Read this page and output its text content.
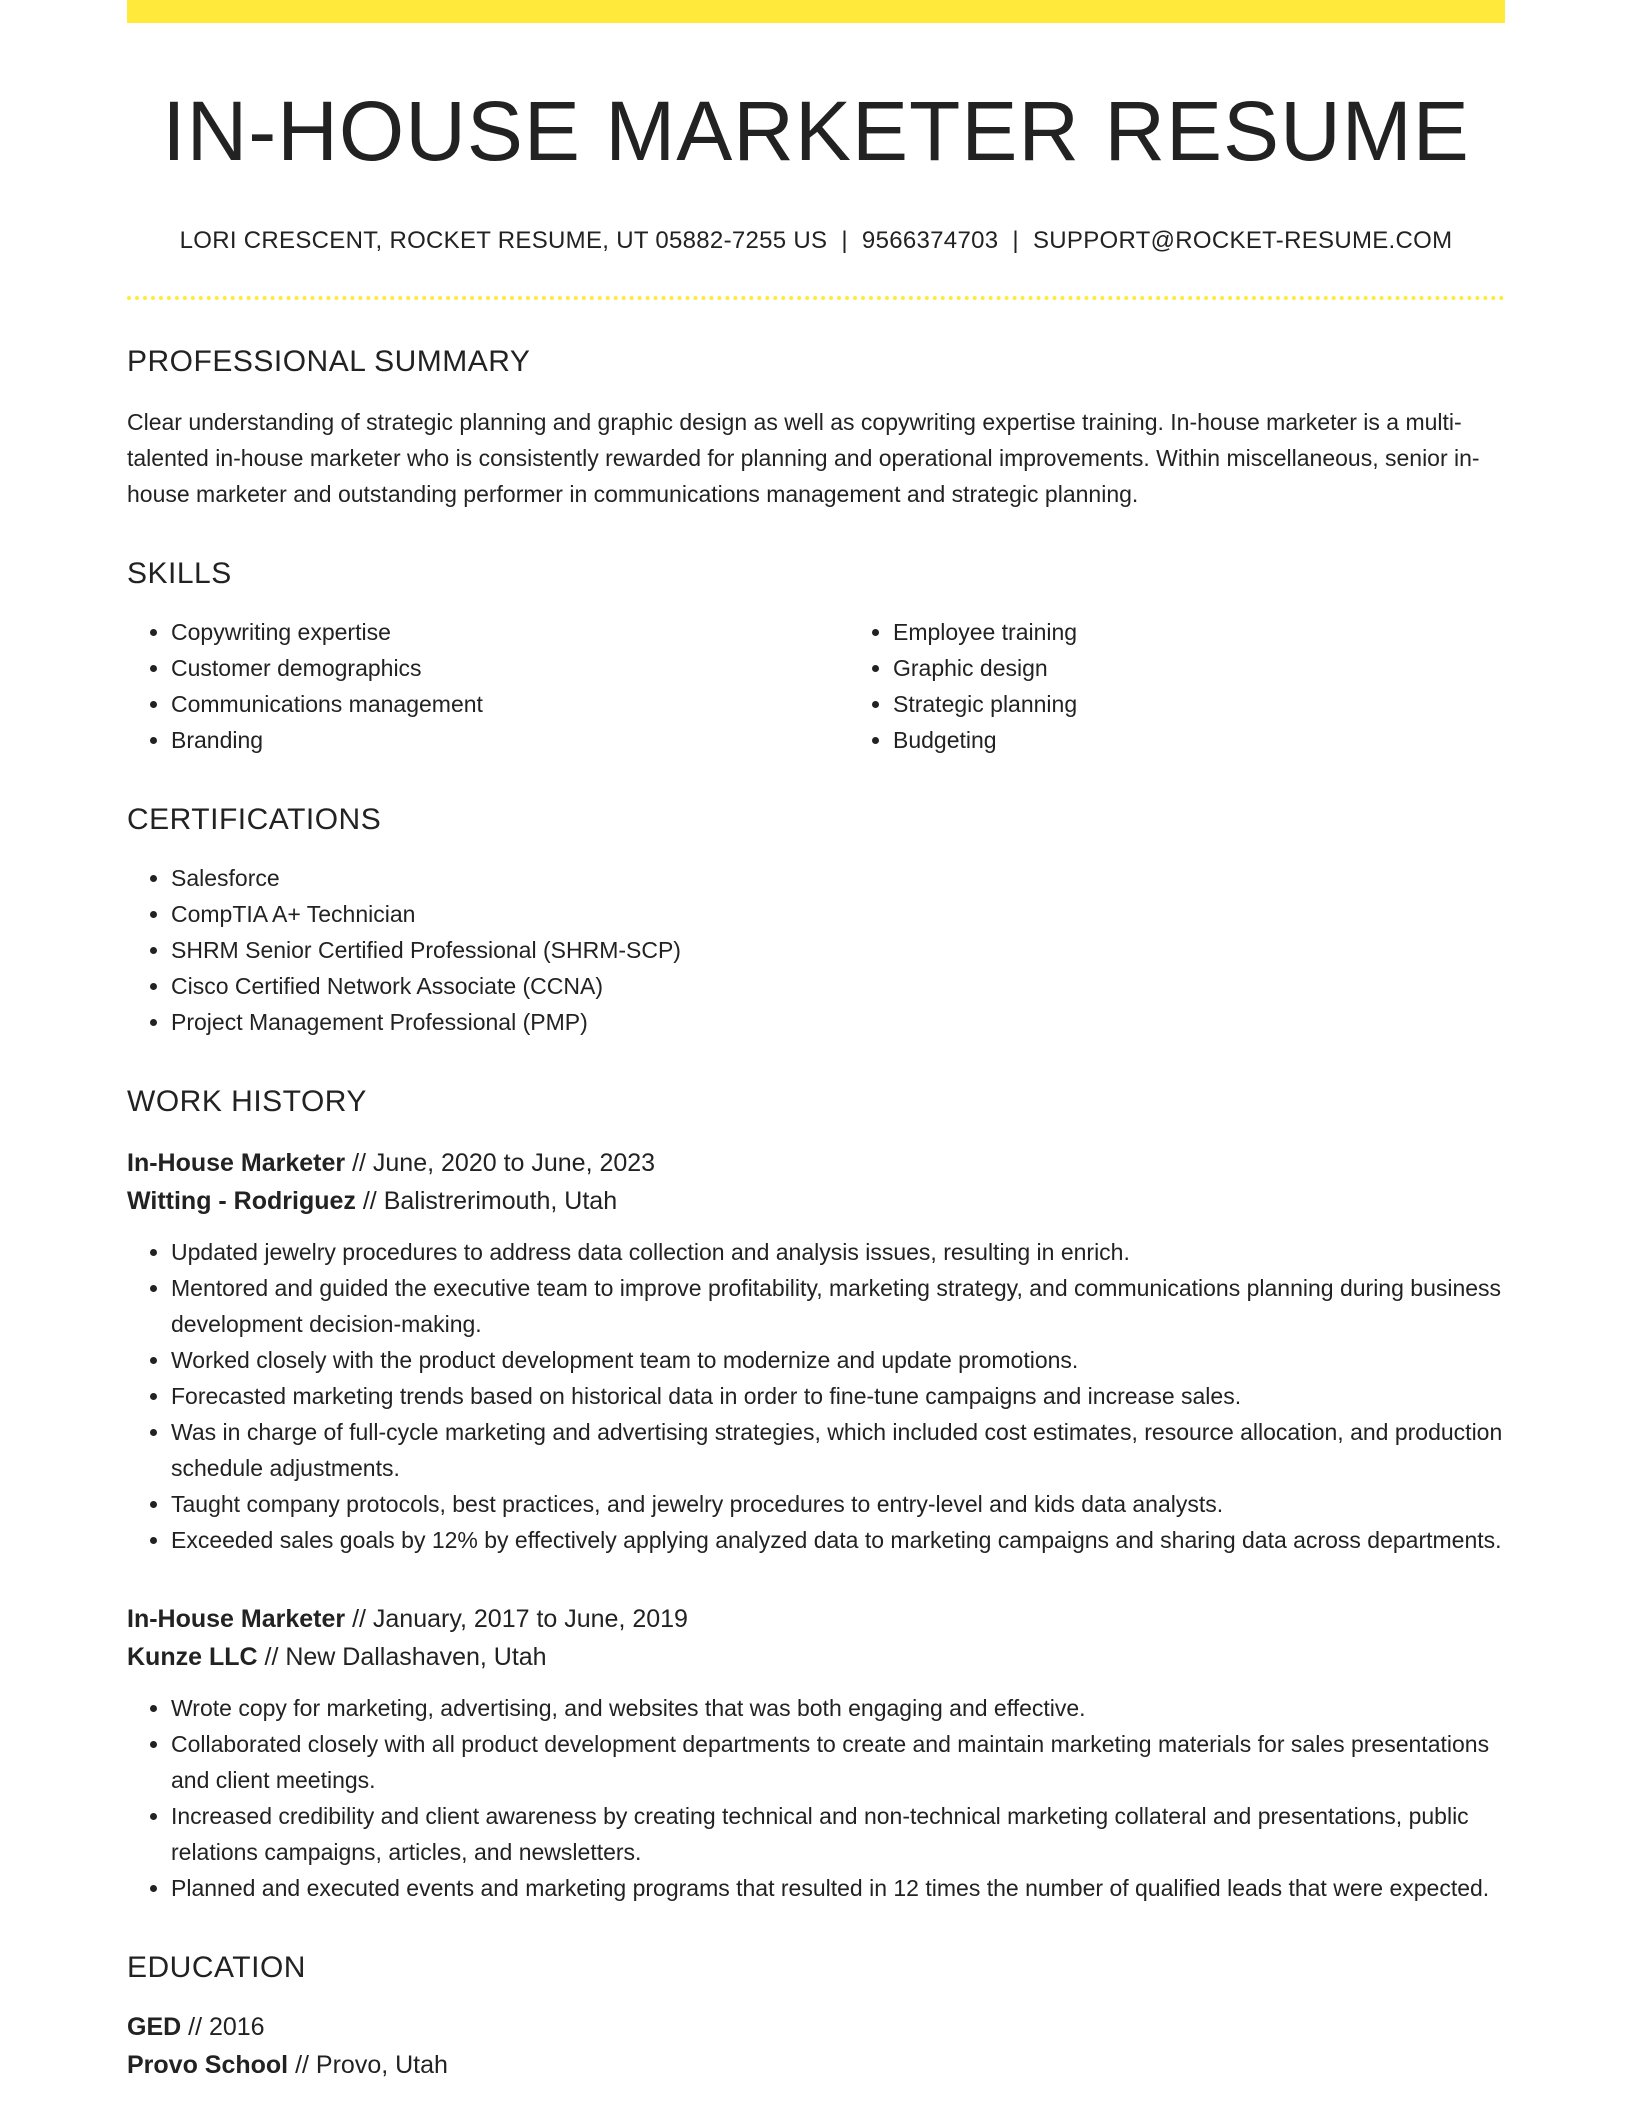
IN-HOUSE MARKETER RESUME
LORI CRESCENT, ROCKET RESUME, UT 05882-7255 US | 9566374703 | SUPPORT@ROCKET-RESUME.COM
PROFESSIONAL SUMMARY

Clear understanding of strategic planning and graphic design as well as copywriting expertise training. In-house marketer is a multi-talented in-house marketer who is consistently rewarded for planning and operational improvements. Within miscellaneous, senior in-house marketer and outstanding performer in communications management and strategic planning.

SKILLS
• Copywriting expertise
• Customer demographics
• Communications management
• Branding
• Employee training
• Graphic design
• Strategic planning
• Budgeting
CERTIFICATIONS
• Salesforce
• CompTIA A+ Technician
• SHRM Senior Certified Professional (SHRM-SCP)
• Cisco Certified Network Associate (CCNA)
• Project Management Professional (PMP)
WORK HISTORY
In-House Marketer // June, 2020 to June, 2023
Witting - Rodriguez // Balistrerimouth, Utah
• Updated jewelry procedures to address data collection and analysis issues, resulting in enrich.
• Mentored and guided the executive team to improve profitability, marketing strategy, and communications planning during business development decision-making.
• Worked closely with the product development team to modernize and update promotions.
• Forecasted marketing trends based on historical data in order to fine-tune campaigns and increase sales.
• Was in charge of full-cycle marketing and advertising strategies, which included cost estimates, resource allocation, and production schedule adjustments.
• Taught company protocols, best practices, and jewelry procedures to entry-level and kids data analysts.
• Exceeded sales goals by 12% by effectively applying analyzed data to marketing campaigns and sharing data across departments.
In-House Marketer // January, 2017 to June, 2019
Kunze LLC // New Dallashaven, Utah
• Wrote copy for marketing, advertising, and websites that was both engaging and effective.
• Collaborated closely with all product development departments to create and maintain marketing materials for sales presentations and client meetings.
• Increased credibility and client awareness by creating technical and non-technical marketing collateral and presentations, public relations campaigns, articles, and newsletters.
• Planned and executed events and marketing programs that resulted in 12 times the number of qualified leads that were expected.
EDUCATION
GED // 2016
Provo School // Provo, Utah
